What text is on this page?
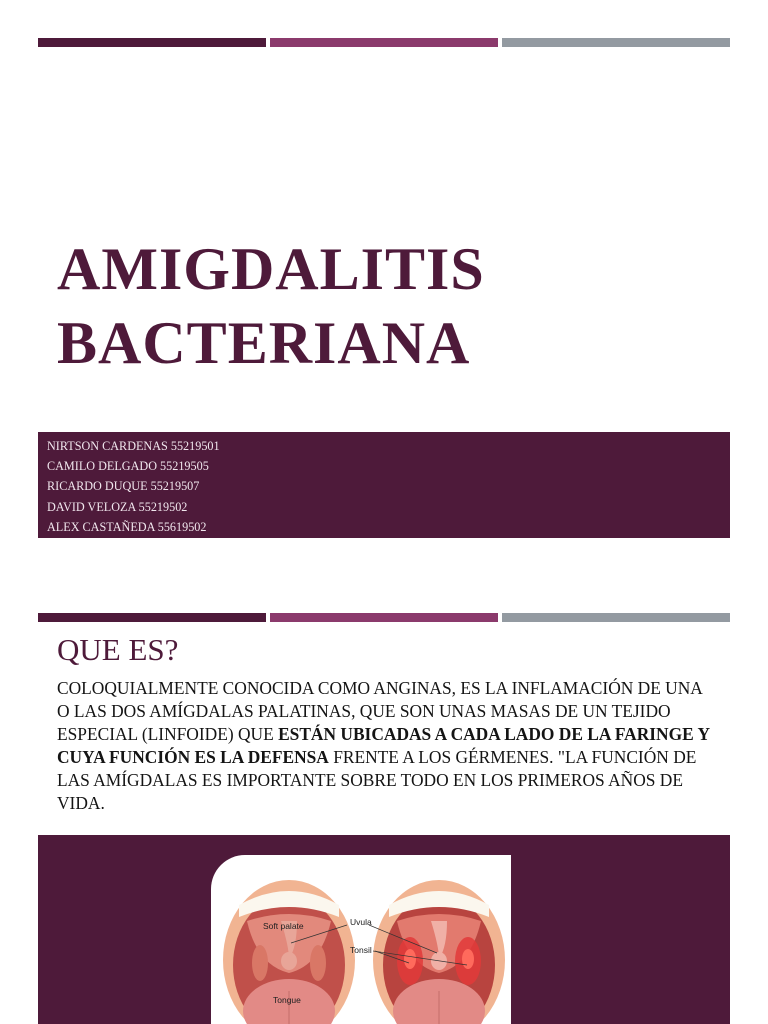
AMIGDALITIS
BACTERIANA
NIRTSON CARDENAS 55219501
CAMILO DELGADO 55219505
RICARDO DUQUE 55219507
DAVID VELOZA 55219502
ALEX CASTAÑEDA 55619502
QUE ES?

COLOQUIALMENTE CONOCIDA COMO ANGINAS, ES LA INFLAMACIÓN DE UNA O LAS DOS AMÍGDALAS PALATINAS, QUE SON UNAS MASAS DE UN TEJIDO ESPECIAL (LINFOIDE) QUE ESTÁN UBICADAS A CADA LADO DE LA FARINGE Y CUYA FUNCIÓN ES LA DEFENSA FRENTE A LOS GÉRMENES. "LA FUNCIÓN DE LAS AMÍGDALAS ES IMPORTANTE SOBRE TODO EN LOS PRIMEROS AÑOS DE VIDA.

Soft palate	Uvula
Tonsil
Tongue
